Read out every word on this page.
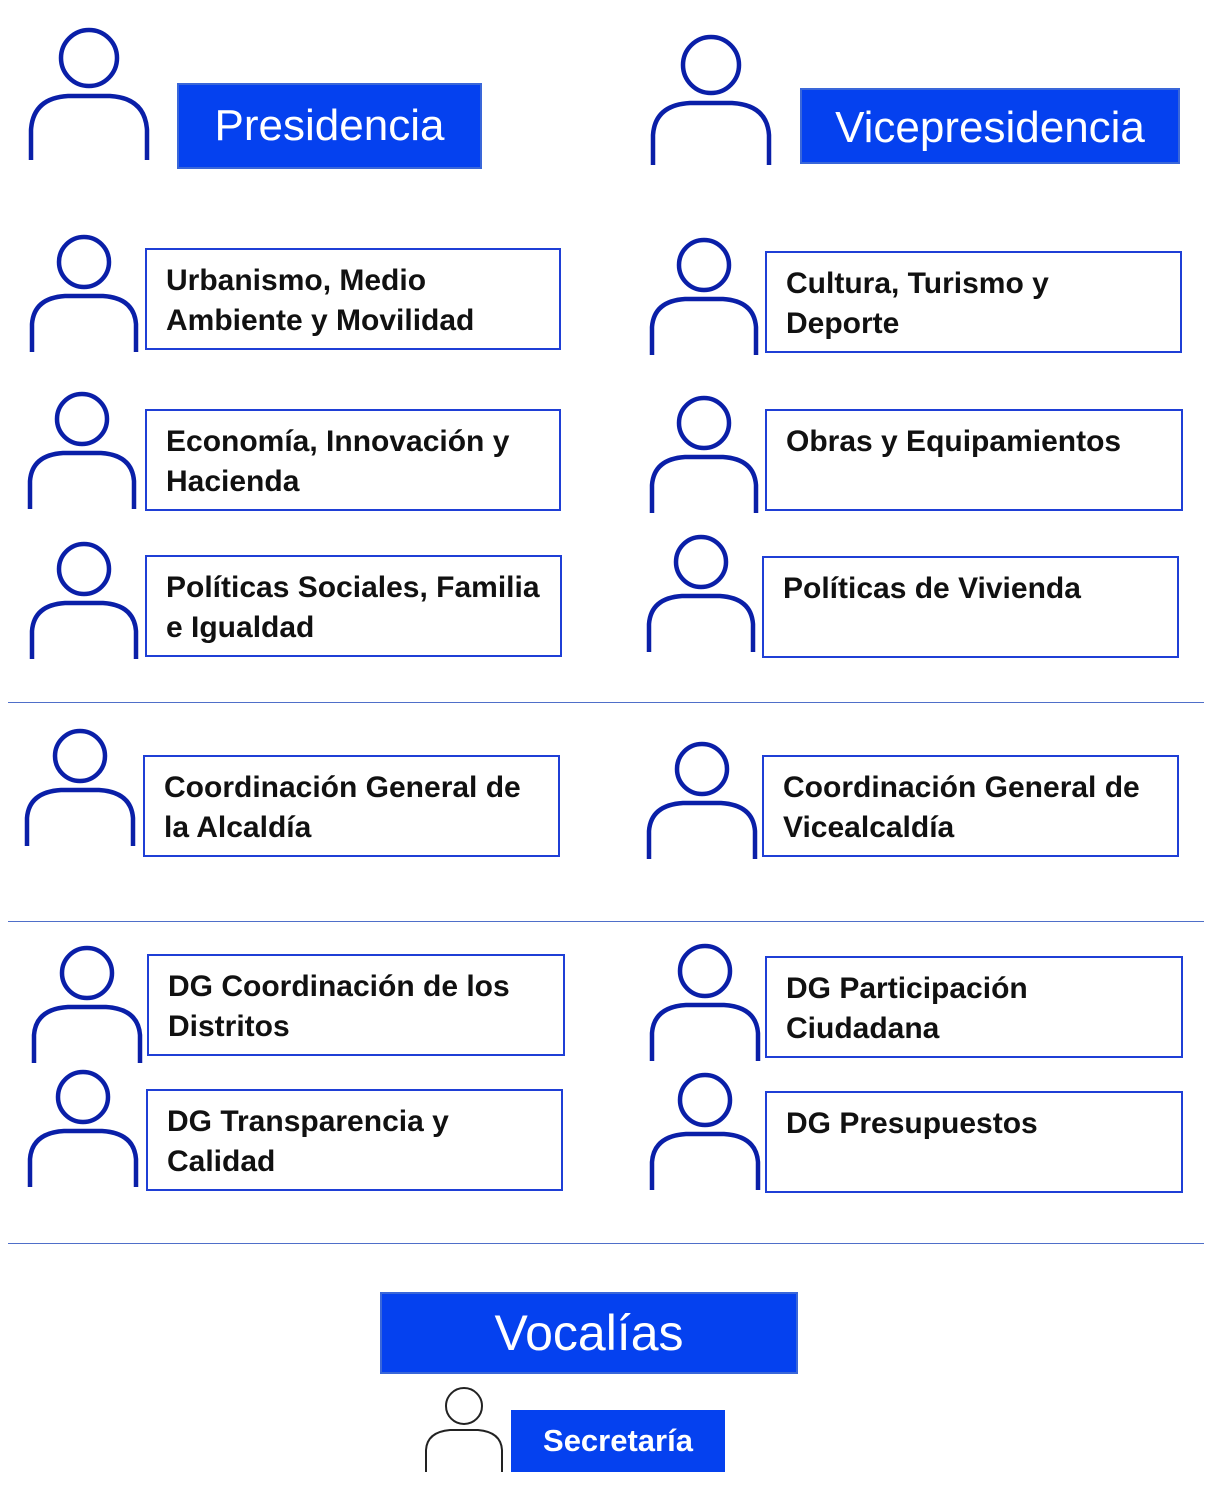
Presidencia	Vicepresidencia
Urbanismo, Medio Ambiente y Movilidad
Economía, Innovación y Hacienda
Políticas Sociales, Familia e Igualdad
Cultura, Turismo y Deporte
Obras y Equipamientos
Políticas de Vivienda
Coordinación General de la Alcaldía
Coordinación General de Vicealcaldía
DG Coordinación de los Distritos
DG Transparencia y Calidad
DG Participación Ciudadana
DG Presupuestos
Vocalías
Secretaría
